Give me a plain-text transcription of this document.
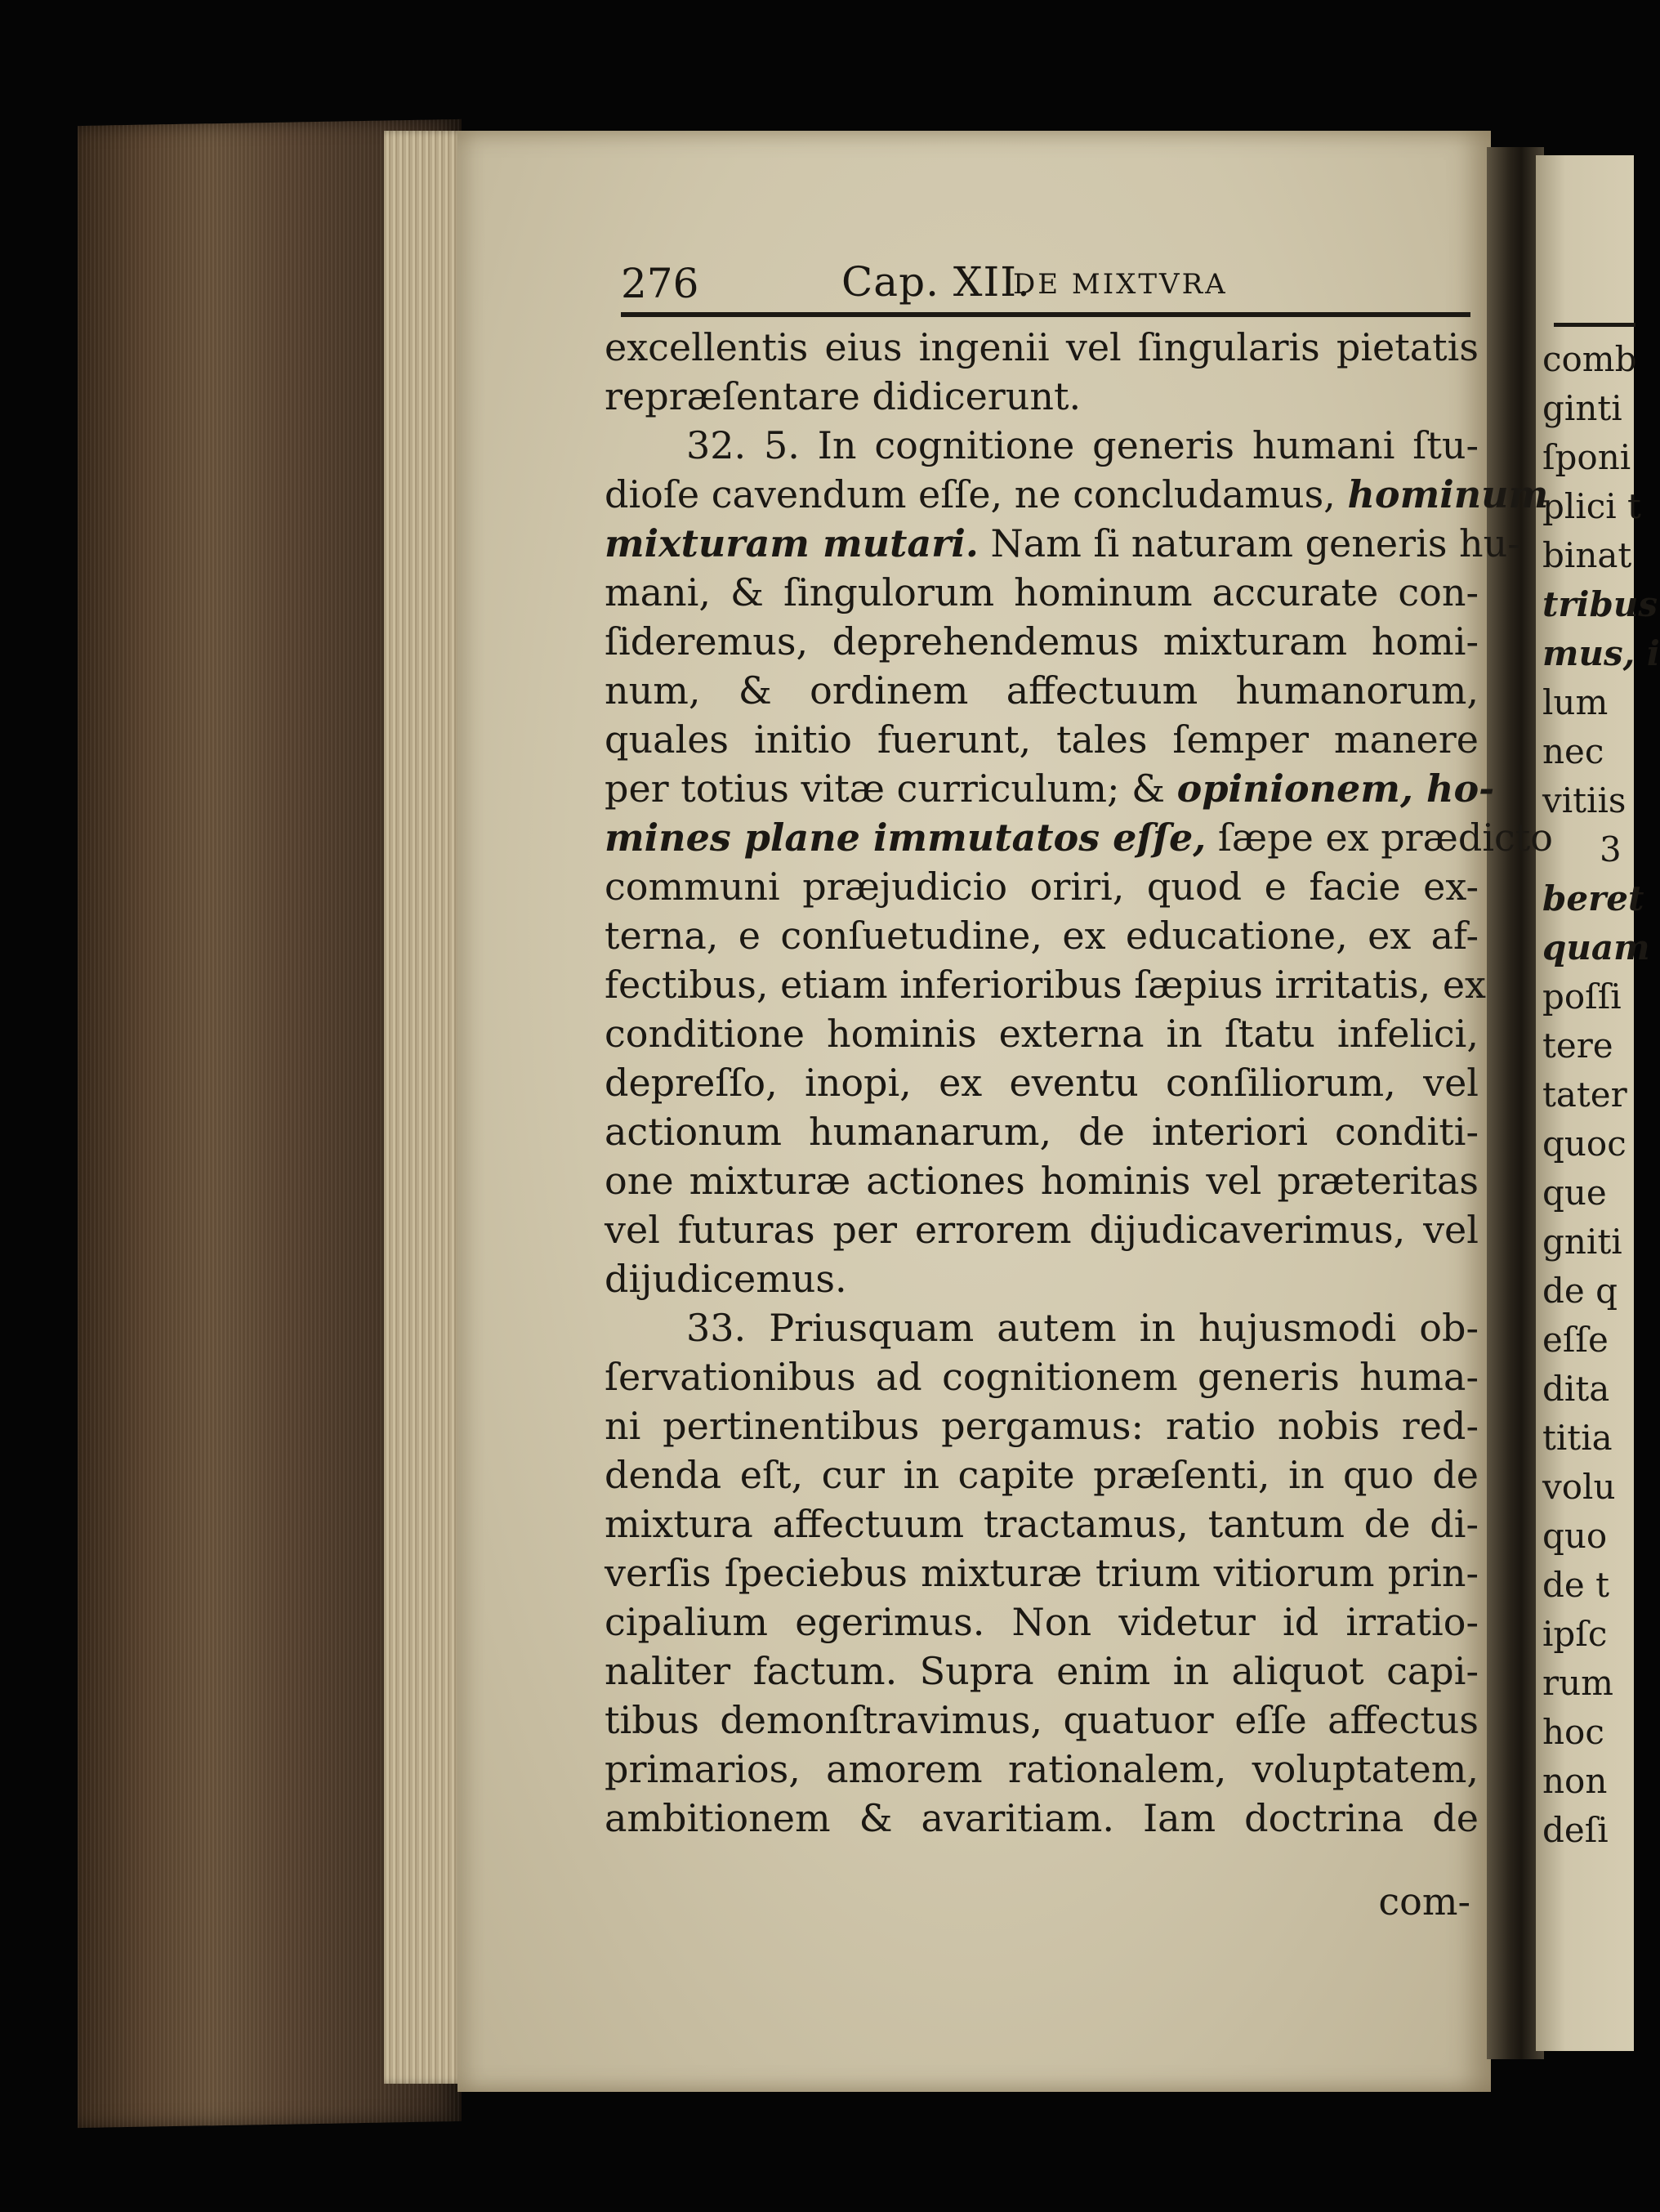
comb
ginti
ſponi
plici t
binat
tribus
mus, i
lum
nec
vitiis
3
beret
quam
poſſi
tere
tater
quoc
que
gniti
de q
eſſe
dita
titia
volu
quo
de t
ipſc
rum
hoc
non
deſi
276	Cap. XII.
DE MIXTVRA
excellentis eius ingenii vel ſingularis pietatis
repræſentare didicerunt.
32. 5. In cognitione generis humani ſtu-
dioſe cavendum eſſe, ne concludamus, hominum
mixturam mutari. Nam ſi naturam generis hu-
mani, & ſingulorum hominum accurate con-
ſideremus, deprehendemus mixturam homi-
num, & ordinem affectuum humanorum,
quales initio fuerunt, tales ſemper manere
per totius vitæ curriculum; & opinionem, ho-
mines plane immutatos eſſe, ſæpe ex prædicto
communi præjudicio oriri, quod e facie ex-
terna, e conſuetudine, ex educatione, ex af-
fectibus, etiam inferioribus ſæpius irritatis, ex
conditione hominis externa in ſtatu infelici,
depreſſo, inopi, ex eventu conſiliorum, vel
actionum humanarum, de interiori conditi-
one mixturæ actiones hominis vel præteritas
vel futuras per errorem dijudicaverimus, vel
dijudicemus.
33. Priusquam autem in hujusmodi ob-
ſervationibus ad cognitionem generis huma-
ni pertinentibus pergamus: ratio nobis red-
denda eſt, cur in capite præſenti, in quo de
mixtura affectuum tractamus, tantum de di-
verſis ſpeciebus mixturæ trium vitiorum prin-
cipalium egerimus. Non videtur id irratio-
naliter factum. Supra enim in aliquot capi-
tibus demonſtravimus, quatuor eſſe affectus
primarios, amorem rationalem, voluptatem,
ambitionem & avaritiam. Iam doctrina de
com-
